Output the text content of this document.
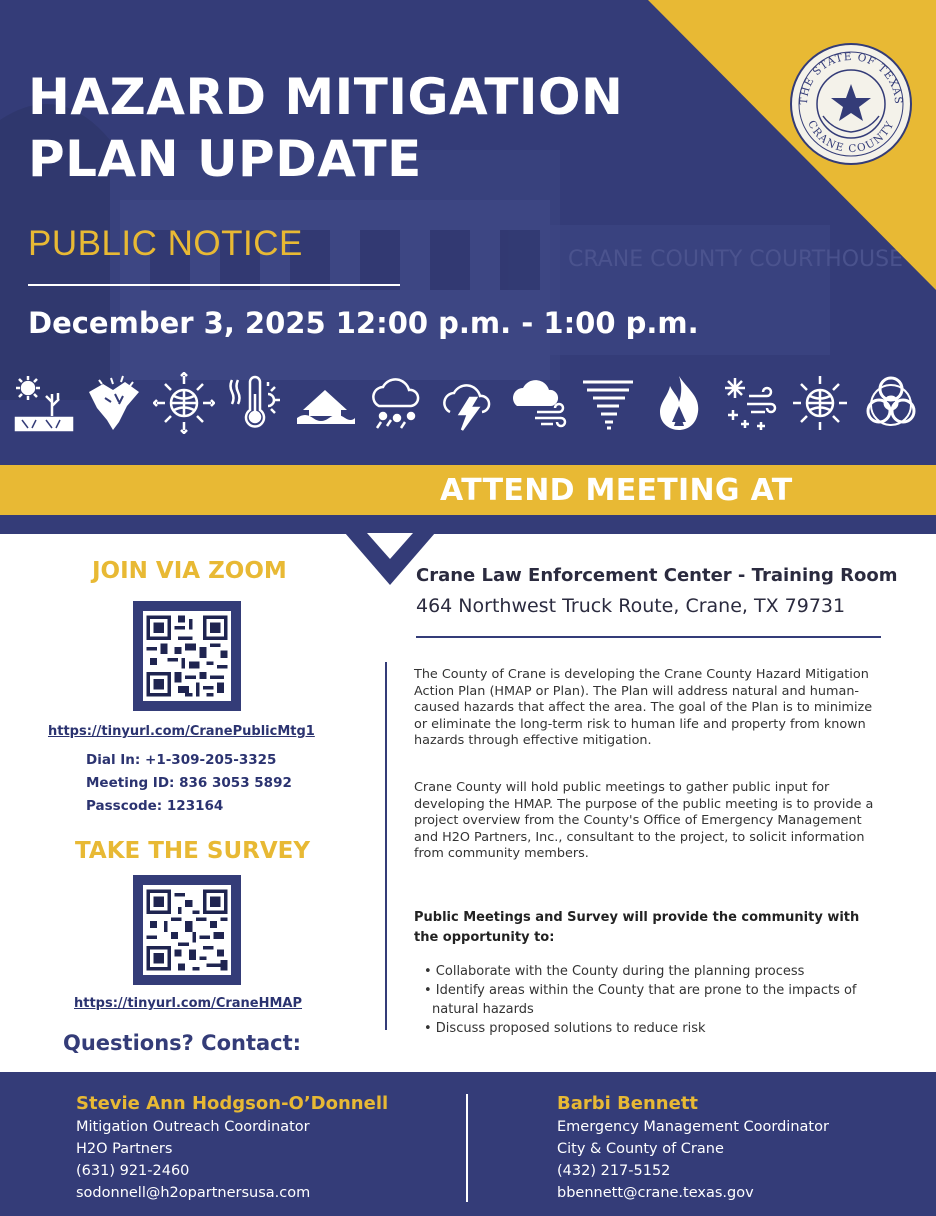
CRANE COUNTY COURTHOUSE
THE STATE OF TEXAS
CRANE COUNTY
HAZARD MITIGATION
PLAN UPDATE
PUBLIC NOTICE
December 3, 2025 12:00 p.m. - 1:00 p.m.
ATTEND MEETING AT
JOIN VIA ZOOM
https://tinyurl.com/CranePublicMtg1
Dial In: +1-309-205-3325
Meeting ID: 836 3053 5892
Passcode: 123164
TAKE THE SURVEY
https://tinyurl.com/CraneHMAP
Questions? Contact:
Crane Law Enforcement Center - Training Room
464 Northwest Truck Route, Crane, TX 79731
The County of Crane is developing the Crane County Hazard Mitigation Action Plan (HMAP or Plan). The Plan will address natural and human-caused hazards that affect the area. The goal of the Plan is to minimize or eliminate the long-term risk to human life and property from known hazards through effective mitigation.
Crane County will hold public meetings to gather public input for developing the HMAP. The purpose of the public meeting is to provide a project overview from the County's Office of Emergency Management and H2O Partners, Inc., consultant to the project, to solicit information from community members.
Public Meetings and Survey will provide the community with the opportunity to:
• Collaborate with the County during the planning process
• Identify areas within the County that are prone to the impacts of natural hazards
• Discuss proposed solutions to reduce risk
Stevie Ann Hodgson-O’Donnell
Mitigation Outreach Coordinator
H2O Partners
(631) 921-2460
sodonnell@h2opartnersusa.com
Barbi Bennett
Emergency Management Coordinator
City & County of Crane
(432) 217-5152
bbennett@crane.texas.gov
